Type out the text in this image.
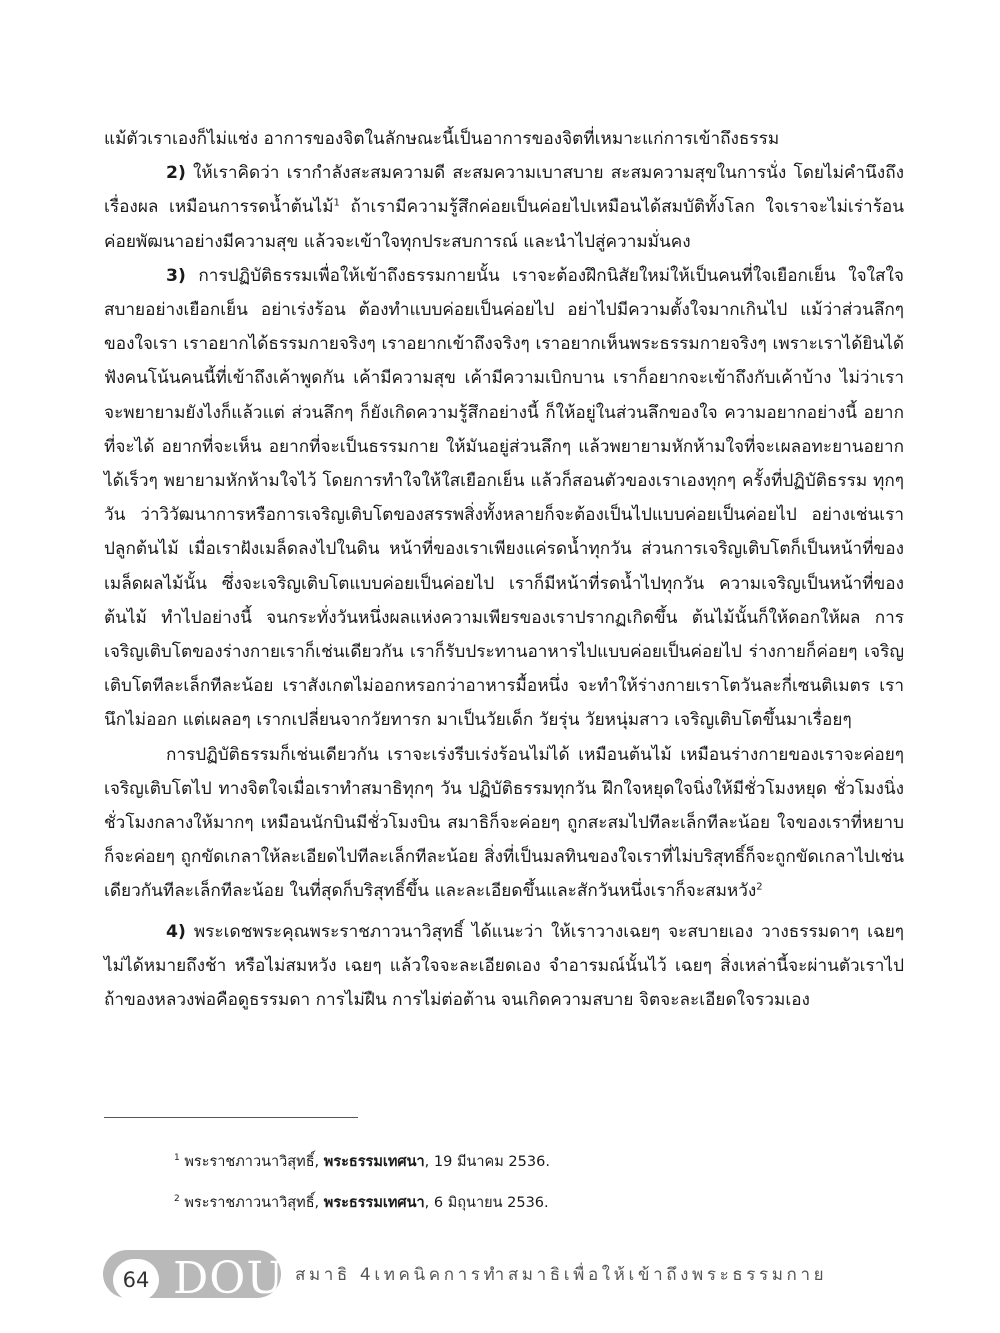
แม้ตัวเราเองก็ไม่แช่ง อาการของจิตในลักษณะนี้เป็นอาการของจิตที่เหมาะแก่การเข้าถึงธรรม

2) ให้เราคิดว่า เรากำลังสะสมความดี สะสมความเบาสบาย สะสมความสุขในการนั่ง โดยไม่คำนึงถึงเรื่องผล เหมือนการรดน้ำต้นไม้$^1$ ถ้าเรามีความรู้สึกค่อยเป็นค่อยไปเหมือนได้สมบัติทั้งโลก ใจเราจะไม่เร่าร้อน ค่อยพัฒนาอย่างมีความสุข แล้วจะเข้าใจทุกประสบการณ์ และนำไปสู่ความมั่นคง

3) การปฏิบัติธรรมเพื่อให้เข้าถึงธรรมกายนั้น เราจะต้องฝึกนิสัยใหม่ให้เป็นคนที่ใจเยือกเย็น ใจใสใจสบายอย่างเยือกเย็น อย่าเร่งร้อน ต้องทำแบบค่อยเป็นค่อยไป อย่าไปมีความตั้งใจมากเกินไป แม้ว่าส่วนลึกๆ ของใจเรา เราอยากได้ธรรมกายจริงๆ เราอยากเข้าถึงจริงๆ เราอยากเห็นพระธรรมกายจริงๆ เพราะเราได้ยินได้ฟังคนโน้นคนนี้ที่เข้าถึงเค้าพูดกัน เค้ามีความสุข เค้ามีความเบิกบาน เราก็อยากจะเข้าถึงกับเค้าบ้าง ไม่ว่าเราจะพยายามยังไงก็แล้วแต่ ส่วนลึกๆ ก็ยังเกิดความรู้สึกอย่างนี้ ก็ให้อยู่ในส่วนลึกของใจ ความอยากอย่างนี้ อยากที่จะได้ อยากที่จะเห็น อยากที่จะเป็นธรรมกาย ให้มันอยู่ส่วนลึกๆ แล้วพยายามหักห้ามใจที่จะเผลอทะยานอยากได้เร็วๆ พยายามหักห้ามใจไว้ โดยการทำใจให้ใสเยือกเย็น แล้วก็สอนตัวของเราเองทุกๆ ครั้งที่ปฏิบัติธรรม ทุกๆ วัน ว่าวิวัฒนาการหรือการเจริญเติบโตของสรรพสิ่งทั้งหลายก็จะต้องเป็นไปแบบค่อยเป็นค่อยไป อย่างเช่นเราปลูกต้นไม้ เมื่อเราฝังเมล็ดลงไปในดิน หน้าที่ของเราเพียงแค่รดน้ำทุกวัน ส่วนการเจริญเติบโตก็เป็นหน้าที่ของเมล็ดผลไม้นั้น ซึ่งจะเจริญเติบโตแบบค่อยเป็นค่อยไป เราก็มีหน้าที่รดน้ำไปทุกวัน ความเจริญเป็นหน้าที่ของต้นไม้ ทำไปอย่างนี้ จนกระทั่งวันหนึ่งผลแห่งความเพียรของเราปรากฏเกิดขึ้น ต้นไม้นั้นก็ให้ดอกให้ผล การเจริญเติบโตของร่างกายเราก็เช่นเดียวกัน เราก็รับประทานอาหารไปแบบค่อยเป็นค่อยไป ร่างกายก็ค่อยๆ เจริญเติบโตทีละเล็กทีละน้อย เราสังเกตไม่ออกหรอกว่าอาหารมื้อหนึ่ง จะทำให้ร่างกายเราโตวันละกี่เซนติเมตร เรานึกไม่ออก แต่เผลอๆ เรากเปลี่ยนจากวัยทารก มาเป็นวัยเด็ก วัยรุ่น วัยหนุ่มสาว เจริญเติบโตขึ้นมาเรื่อยๆ

การปฏิบัติธรรมก็เช่นเดียวกัน เราจะเร่งรีบเร่งร้อนไม่ได้ เหมือนต้นไม้ เหมือนร่างกายของเราจะค่อยๆ เจริญเติบโตไป ทางจิตใจเมื่อเราทำสมาธิทุกๆ วัน ปฏิบัติธรรมทุกวัน ฝึกใจหยุดใจนิ่งให้มีชั่วโมงหยุด ชั่วโมงนิ่ง ชั่วโมงกลางให้มากๆ เหมือนนักบินมีชั่วโมงบิน สมาธิก็จะค่อยๆ ถูกสะสมไปทีละเล็กทีละน้อย ใจของเราที่หยาบก็จะค่อยๆ ถูกขัดเกลาให้ละเอียดไปทีละเล็กทีละน้อย สิ่งที่เป็นมลทินของใจเราที่ไม่บริสุทธิ์ก็จะถูกขัดเกลาไปเช่นเดียวกันทีละเล็กทีละน้อย ในที่สุดก็บริสุทธิ์ขึ้น และละเอียดขึ้นและสักวันหนึ่งเราก็จะสมหวัง$^2$

4) พระเดชพระคุณพระราชภาวนาวิสุทธิ์ ได้แนะว่า ให้เราวางเฉยๆ จะสบายเอง วางธรรมดาๆ เฉยๆ ไม่ได้หมายถึงช้า หรือไม่สมหวัง เฉยๆ แล้วใจจะละเอียดเอง จำอารมณ์นั้นไว้ เฉยๆ สิ่งเหล่านี้จะผ่านตัวเราไป ถ้าของหลวงพ่อคือดูธรรมดา การไม่ฝืน การไม่ต่อต้าน จนเกิดความสบาย จิตจะละเอียดใจรวมเอง

$^1$ พระราชภาวนาวิสุทธิ์, พระธรรมเทศนา, 19 มีนาคม 2536.
$^2$ พระราชภาวนาวิสุทธิ์, พระธรรมเทศนา, 6 มิถุนายน 2536.
64 DOU สมาธิ 4เทคนิคการทำสมาธิเพื่อให้เข้าถึงพระธรรมกาย
